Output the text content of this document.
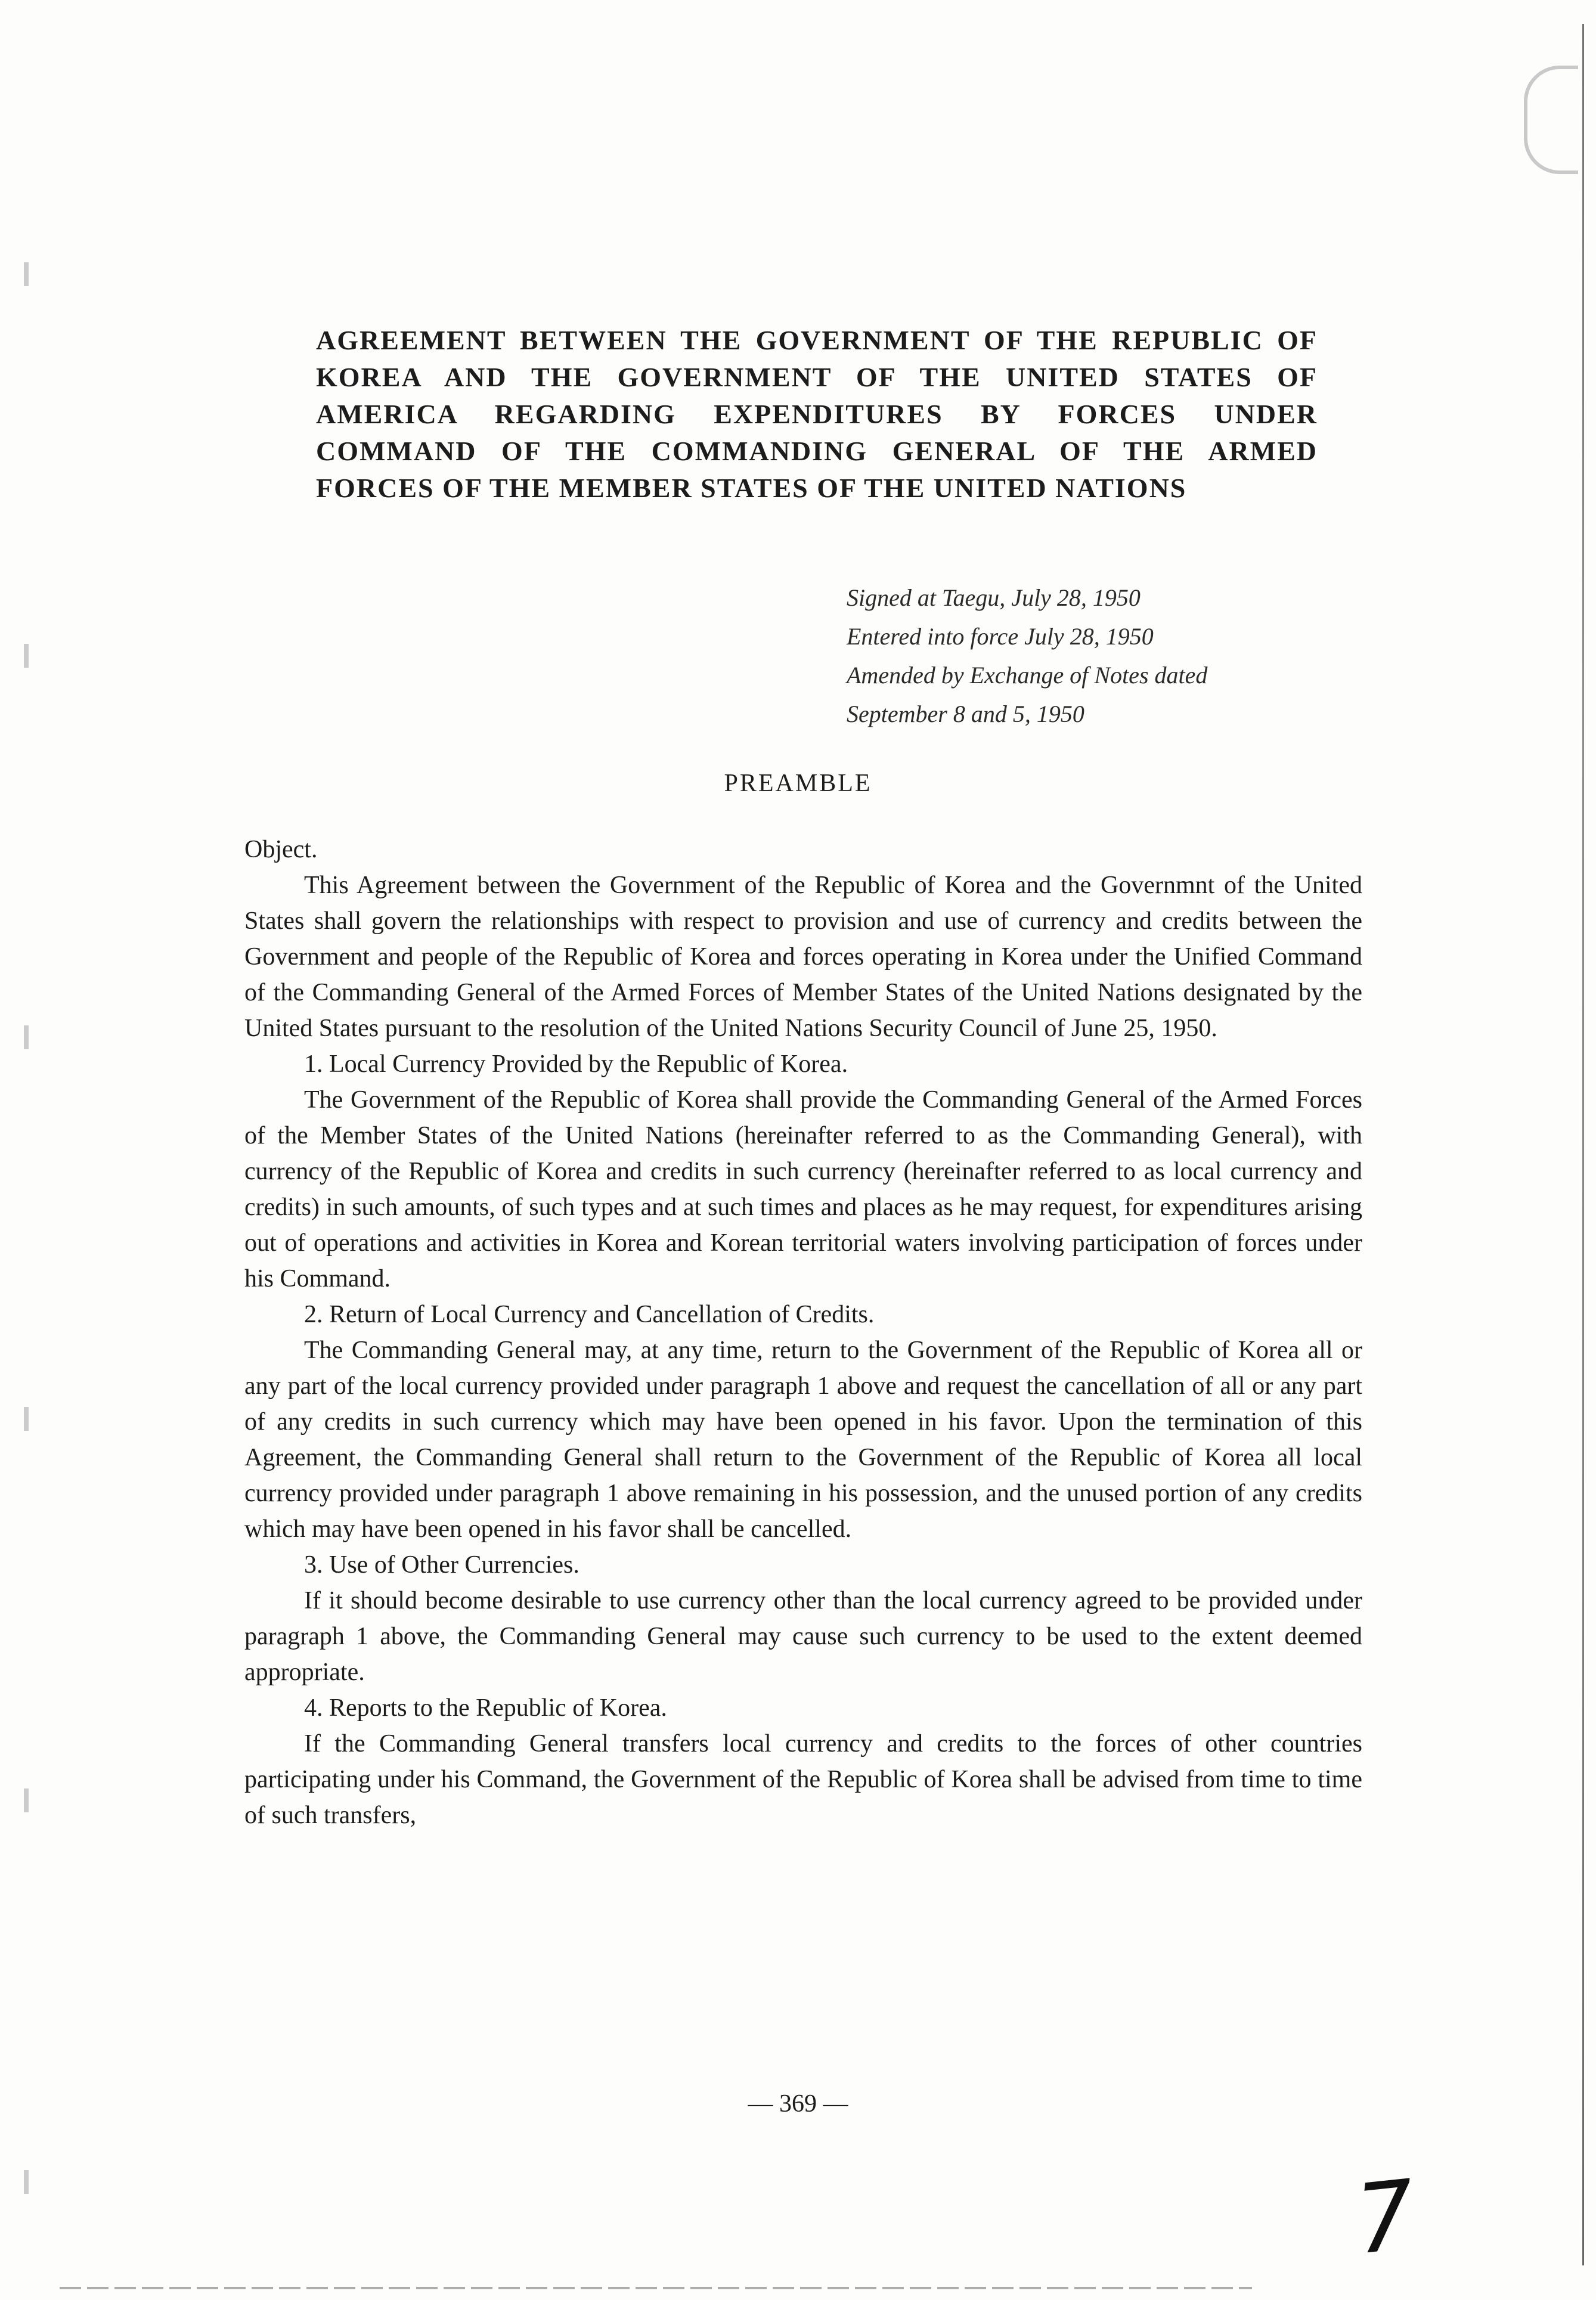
AGREEMENT BETWEEN THE GOVERNMENT OF THE REPUBLIC OF KOREA AND THE GOVERNMENT OF THE UNITED STATES OF AMERICA REGARDING EXPENDITURES BY FORCES UNDER COMMAND OF THE COMMANDING GENERAL OF THE ARMED FORCES OF THE MEMBER STATES OF THE UNITED NATIONS
Signed at Taegu, July 28, 1950
Entered into force July 28, 1950
Amended by Exchange of Notes dated
September 8 and 5, 1950
PREAMBLE

Object.

This Agreement between the Government of the Republic of Korea and the Governmnt of the United States shall govern the relationships with respect to provision and use of currency and credits between the Government and people of the Republic of Korea and forces operating in Korea under the Unified Command of the Commanding General of the Armed Forces of Member States of the United Nations designated by the United States pursuant to the resolution of the United Nations Security Council of June 25, 1950.

1. Local Currency Provided by the Republic of Korea.

The Government of the Republic of Korea shall provide the Commanding General of the Armed Forces of the Member States of the United Nations (hereinafter referred to as the Commanding General), with currency of the Republic of Korea and credits in such currency (hereinafter referred to as local currency and credits) in such amounts, of such types and at such times and places as he may request, for expenditures arising out of operations and activities in Korea and Korean territorial waters involving participation of forces under his Command.

2. Return of Local Currency and Cancellation of Credits.

The Commanding General may, at any time, return to the Government of the Republic of Korea all or any part of the local currency provided under paragraph 1 above and request the cancellation of all or any part of any credits in such currency which may have been opened in his favor. Upon the termination of this Agreement, the Commanding General shall return to the Government of the Republic of Korea all local currency provided under paragraph 1 above remaining in his possession, and the unused portion of any credits which may have been opened in his favor shall be cancelled.

3. Use of Other Currencies.

If it should become desirable to use currency other than the local currency agreed to be provided under paragraph 1 above, the Commanding General may cause such currency to be used to the extent deemed appropriate.

4. Reports to the Republic of Korea.

If the Commanding General transfers local currency and credits to the forces of other countries participating under his Command, the Government of the Republic of Korea shall be advised from time to time of such transfers,

— 369 —

7
